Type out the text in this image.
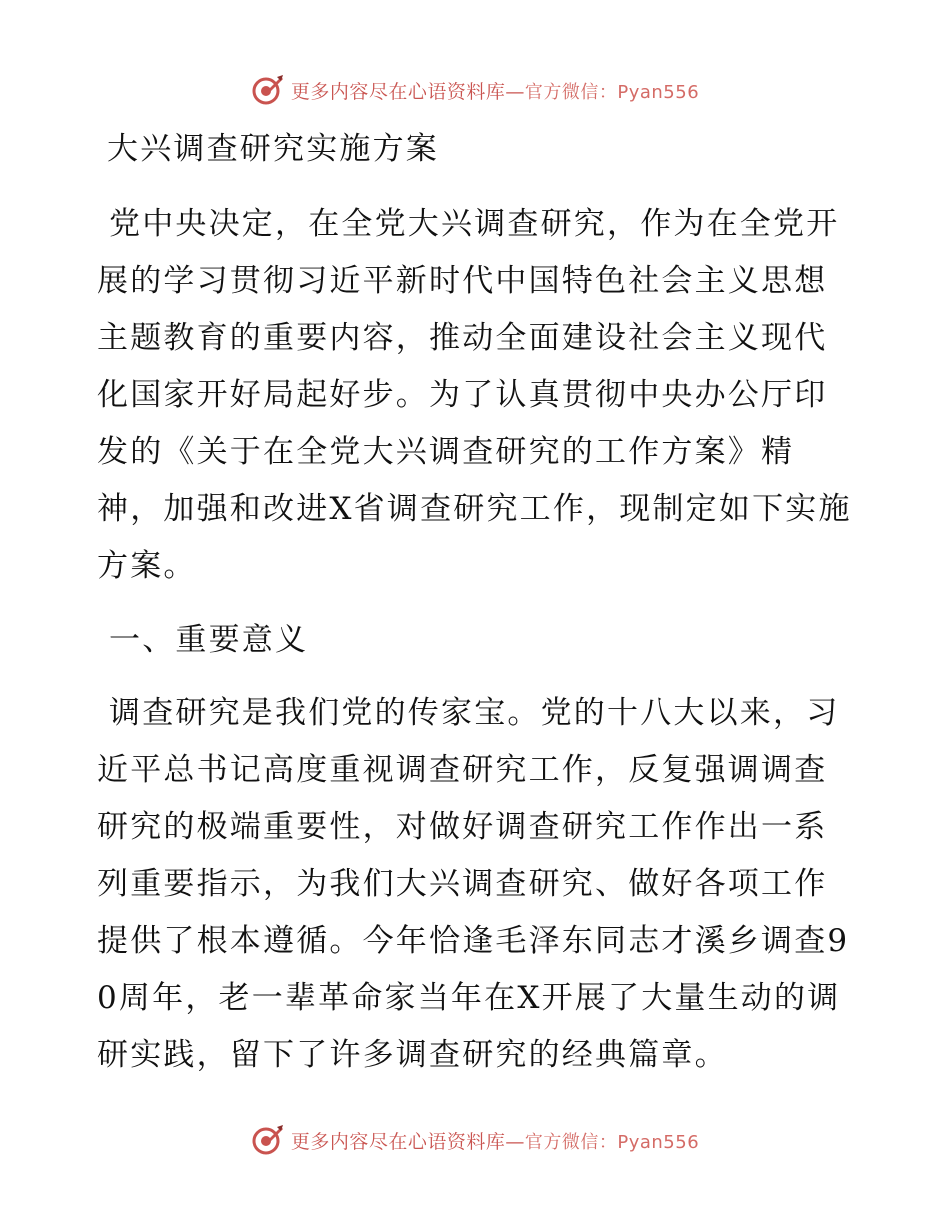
更多内容尽在心语资料库—官方微信：Pyan556
大兴调查研究实施方案

党中央决定，在全党大兴调查研究，作为在全党开展的学习贯彻习近平新时代中国特色社会主义思想主题教育的重要内容，推动全面建设社会主义现代化国家开好局起好步。为了认真贯彻中央办公厅印发的《关于在全党大兴调查研究的工作方案》精神，加强和改进X省调查研究工作，现制定如下实施方案。

一、重要意义

调查研究是我们党的传家宝。党的十八大以来，习近平总书记高度重视调查研究工作，反复强调调查研究的极端重要性，对做好调查研究工作作出一系列重要指示，为我们大兴调查研究、做好各项工作提供了根本遵循。今年恰逢毛泽东同志才溪乡调查90周年，老一辈革命家当年在X开展了大量生动的调研实践，留下了许多调查研究的经典篇章。

更多内容尽在心语资料库—官方微信：Pyan556
